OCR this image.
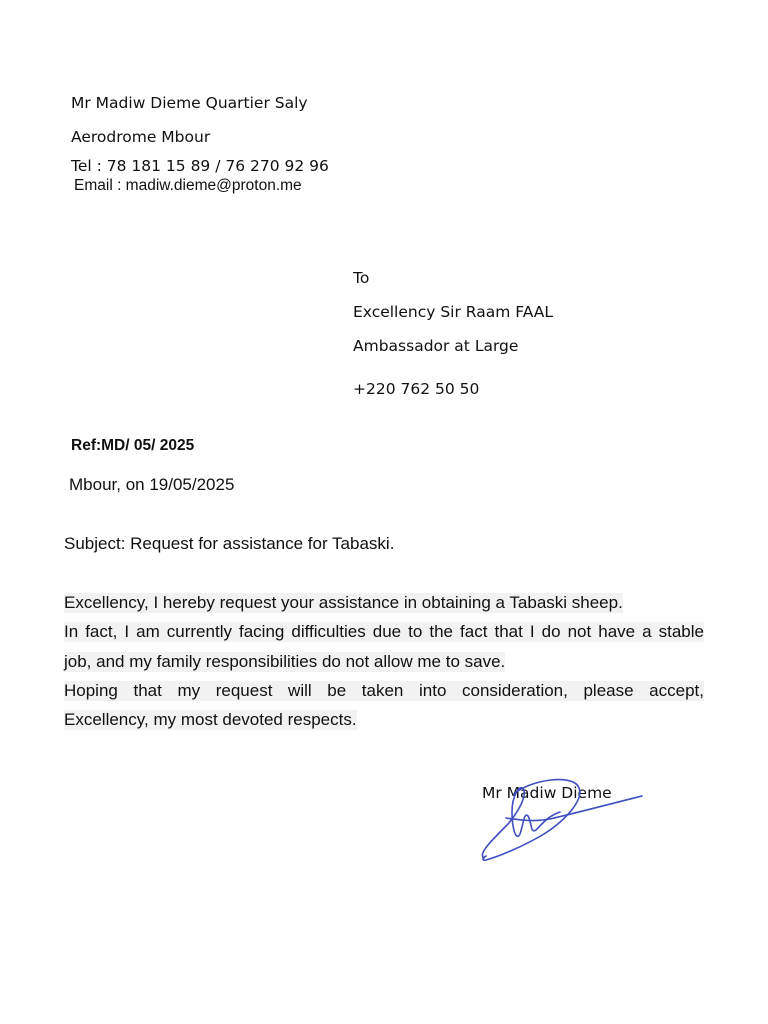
Mr Madiw Dieme Quartier Saly
Aerodrome Mbour
Tel : 78 181 15 89 / 76 270 92 96
Email : madiw.dieme@proton.me
To
Excellency Sir Raam FAAL
Ambassador at Large
+220 762 50 50
Ref:MD/ 05/ 2025
Mbour, on 19/05/2025
Subject: Request for assistance for Tabaski.
Excellency, I hereby request your assistance in obtaining a Tabaski sheep.
In fact, I am currently facing difficulties due to the fact that I do not have a stable
job, and my family responsibilities do not allow me to save.
Hoping that my request will be taken into consideration, please accept,
Excellency, my most devoted respects.
Mr Madiw Dieme
